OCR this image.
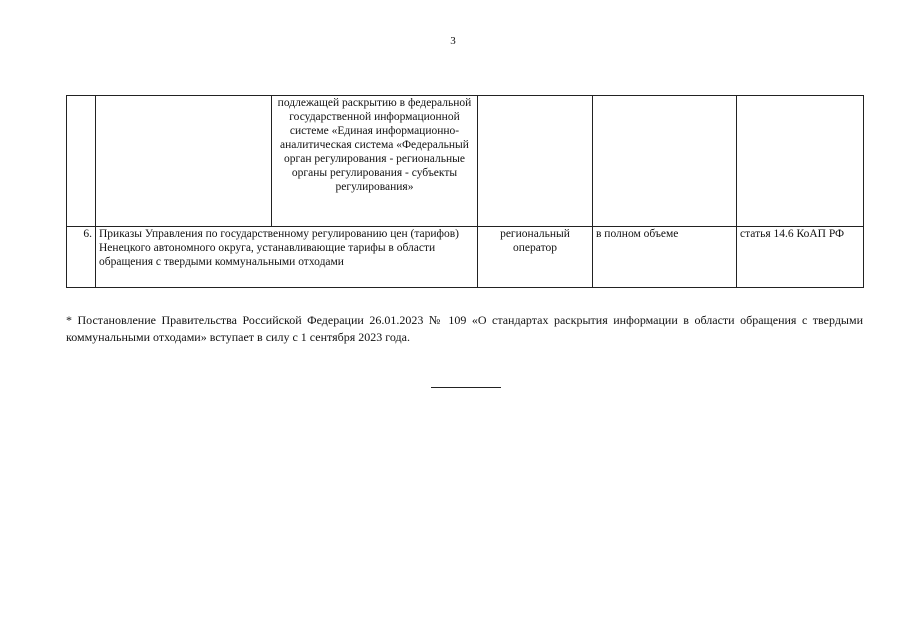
3
		подлежащей раскрытию в федеральной государственной информационной системе «Единая информационно-аналитическая система «Федеральный орган регулирования - региональные органы регулирования - субъекты регулирования»			
6.	Приказы Управления по государственному регулированию цен (тарифов) Ненецкого автономного округа, устанавливающие тарифы в области обращения с твердыми коммунальными отходами		региональный оператор	в полном объеме	статья 14.6 КоАП РФ
* Постановление Правительства Российской Федерации 26.01.2023 № 109 «О стандартах раскрытия информации в области обращения с твердыми коммунальными отходами» вступает в силу с 1 сентября 2023 года.
